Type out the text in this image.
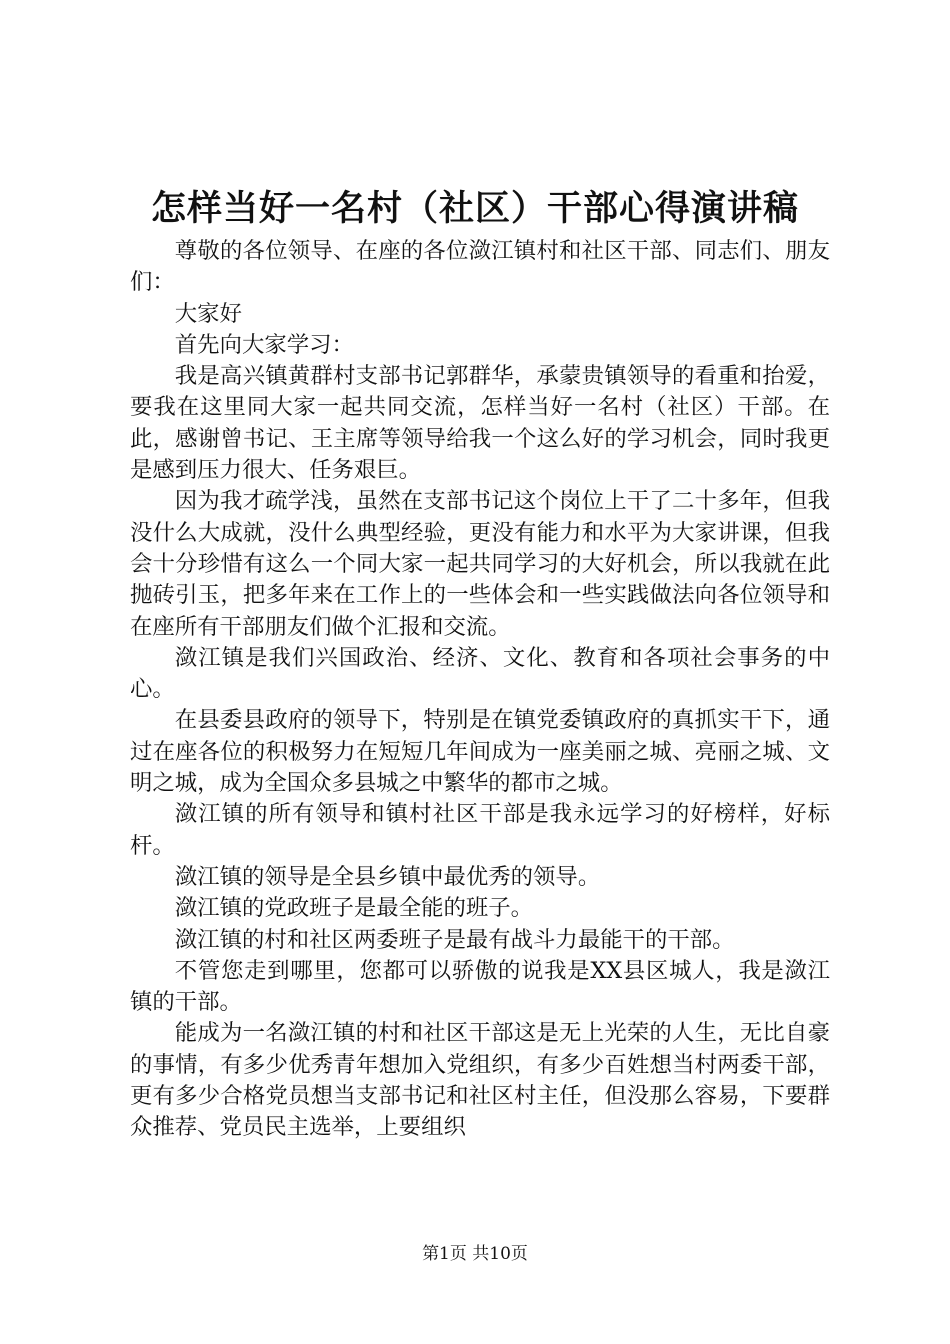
怎样当好一名村（社区）干部心得演讲稿

尊敬的各位领导、在座的各位潋江镇村和社区干部、同志们、朋友们：

大家好

首先向大家学习：

我是高兴镇黄群村支部书记郭群华，承蒙贵镇领导的看重和抬爱，要我在这里同大家一起共同交流，怎样当好一名村（社区）干部。在此，感谢曾书记、王主席等领导给我一个这么好的学习机会，同时我更是感到压力很大、任务艰巨。

因为我才疏学浅，虽然在支部书记这个岗位上干了二十多年，但我没什么大成就，没什么典型经验，更没有能力和水平为大家讲课，但我会十分珍惜有这么一个同大家一起共同学习的大好机会，所以我就在此抛砖引玉，把多年来在工作上的一些体会和一些实践做法向各位领导和在座所有干部朋友们做个汇报和交流。

潋江镇是我们兴国政治、经济、文化、教育和各项社会事务的中心。

在县委县政府的领导下，特别是在镇党委镇政府的真抓实干下，通过在座各位的积极努力在短短几年间成为一座美丽之城、亮丽之城、文明之城，成为全国众多县城之中繁华的都市之城。

潋江镇的所有领导和镇村社区干部是我永远学习的好榜样，好标杆。

潋江镇的领导是全县乡镇中最优秀的领导。

潋江镇的党政班子是最全能的班子。

潋江镇的村和社区两委班子是最有战斗力最能干的干部。

不管您走到哪里，您都可以骄傲的说我是XX县区城人，我是潋江镇的干部。

能成为一名潋江镇的村和社区干部这是无上光荣的人生，无比自豪的事情，有多少优秀青年想加入党组织，有多少百姓想当村两委干部，更有多少合格党员想当支部书记和社区村主任，但没那么容易，下要群众推荐、党员民主选举，上要组织

第1页 共10页
